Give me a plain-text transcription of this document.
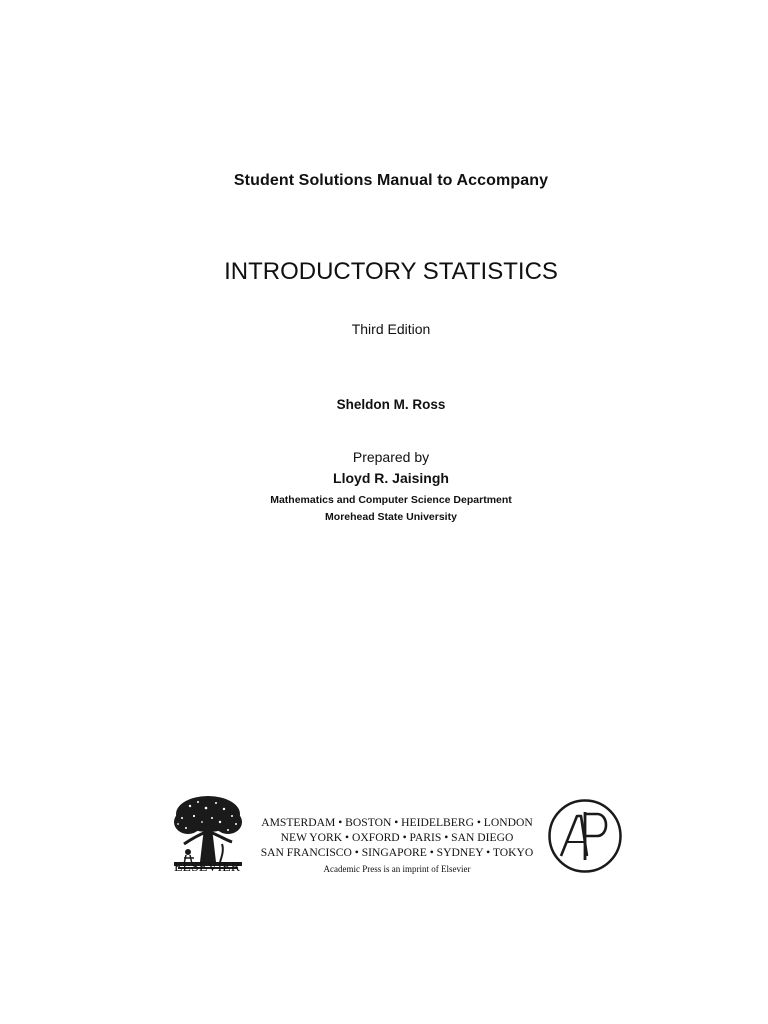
Student Solutions Manual to Accompany
INTRODUCTORY STATISTICS

Third Edition

Sheldon M. Ross

Prepared by

Lloyd R. Jaisingh

Mathematics and Computer Science Department

Morehead State University

ELSEVIER
AMSTERDAM • BOSTON • HEIDELBERG • LONDON
NEW YORK • OXFORD • PARIS • SAN DIEGO
SAN FRANCISCO • SINGAPORE • SYDNEY • TOKYO
Academic Press is an imprint of Elsevier
